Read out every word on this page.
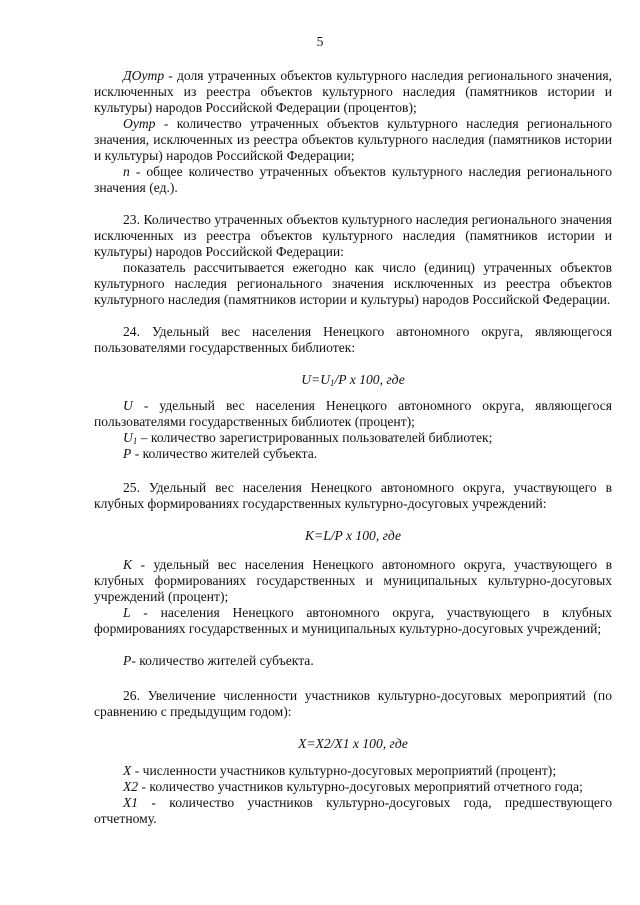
5

ДОутр - доля утраченных объектов культурного наследия регионального значения, исключенных из реестра объектов культурного наследия (памятников истории и культуры) народов Российской Федерации (процентов);

Оутр - количество утраченных объектов культурного наследия регионального значения, исключенных из реестра объектов культурного наследия (памятников истории и культуры) народов Российской Федерации;

n - общее количество утраченных объектов культурного наследия регионального значения (ед.).

23. Количество утраченных объектов культурного наследия регионального значения исключенных из реестра объектов культурного наследия (памятников истории и культуры) народов Российской Федерации:

показатель рассчитывается ежегодно как число (единиц) утраченных объектов культурного наследия региональногo значения исключенных из реестра объектов культурного наследия (памятников истории и культуры) народов Российской Федерации.

24. Удельный вес населения Ненецкого автономного округа, являющегося пользователями государственных библиотек:

$U=U_1/P$ x 100, где

U - удельный вес населения Ненецкого автономного округа, являющегося пользователями государственных библиотек (процент);

$U_1$ – количество зарегистрированных пользователей библиотек;

P - количество жителей субъекта.

25. Удельный вес населения Ненецкого автономного округа, участвующего в клубных формированиях государственных культурно-досуговых учреждений:

K=L/P x 100, где

K - удельный вес населения Ненецкого автономного округа, участвующего в клубных формированиях государственных и муниципальных культурно-досуговых учреждений (процент);

L - населения Ненецкого автономного округа, участвующего в клубных формированиях государственных и муниципальных культурно-досуговых учреждений;

P- количество жителей субъекта.

26. Увеличение численности участников культурно-досуговых мероприятий (по сравнению с предыдущим годом):

X=X2/X1 x 100, где

X - численности участников культурно-досуговых мероприятий (процент);

X2 - количество участников культурно-досуговых мероприятий отчетного года;

X1 - количество участников культурно-досуговых года, предшествующего отчетному.
